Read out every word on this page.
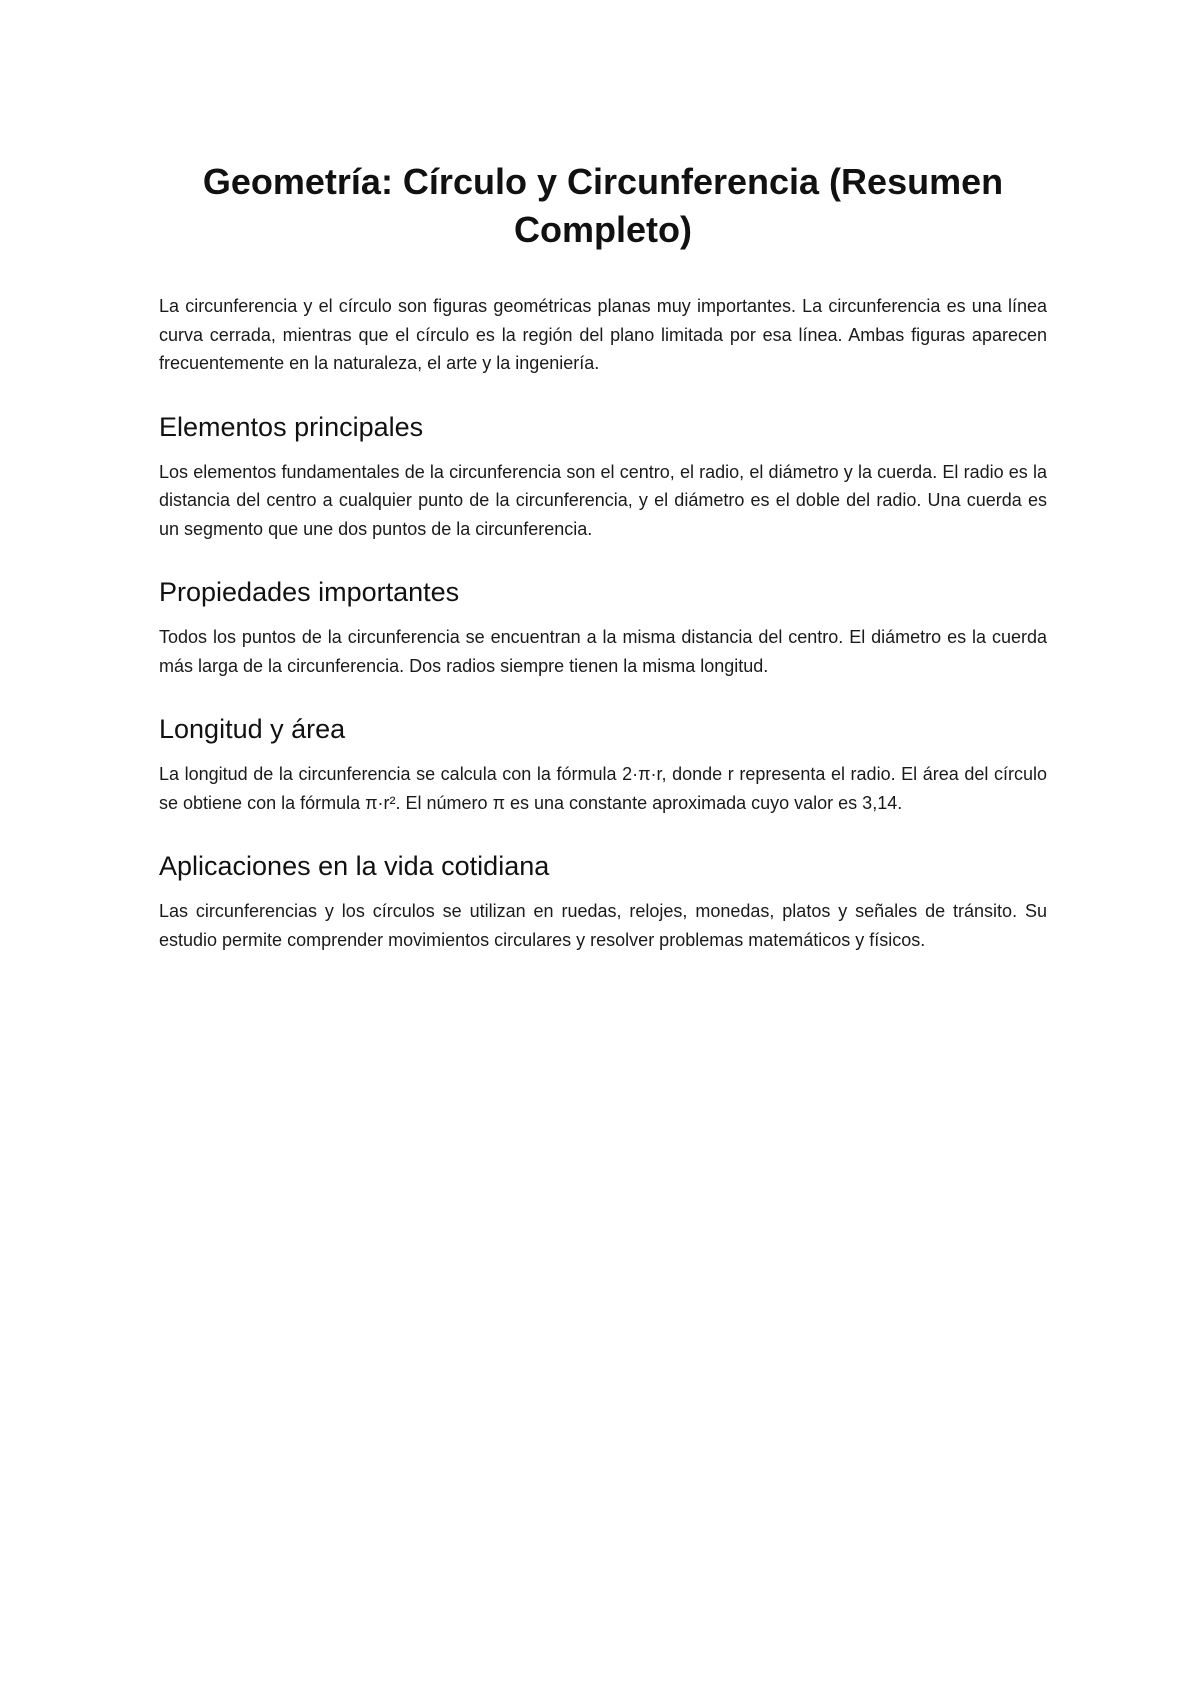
Geometría: Círculo y Circunferencia (Resumen Completo)

La circunferencia y el círculo son figuras geométricas planas muy importantes. La circunferencia es una línea curva cerrada, mientras que el círculo es la región del plano limitada por esa línea. Ambas figuras aparecen frecuentemente en la naturaleza, el arte y la ingeniería.

Elementos principales

Los elementos fundamentales de la circunferencia son el centro, el radio, el diámetro y la cuerda. El radio es la distancia del centro a cualquier punto de la circunferencia, y el diámetro es el doble del radio. Una cuerda es un segmento que une dos puntos de la circunferencia.

Propiedades importantes

Todos los puntos de la circunferencia se encuentran a la misma distancia del centro. El diámetro es la cuerda más larga de la circunferencia. Dos radios siempre tienen la misma longitud.

Longitud y área

La longitud de la circunferencia se calcula con la fórmula 2·π·r, donde r representa el radio. El área del círculo se obtiene con la fórmula π·r². El número π es una constante aproximada cuyo valor es 3,14.

Aplicaciones en la vida cotidiana

Las circunferencias y los círculos se utilizan en ruedas, relojes, monedas, platos y señales de tránsito. Su estudio permite comprender movimientos circulares y resolver problemas matemáticos y físicos.
